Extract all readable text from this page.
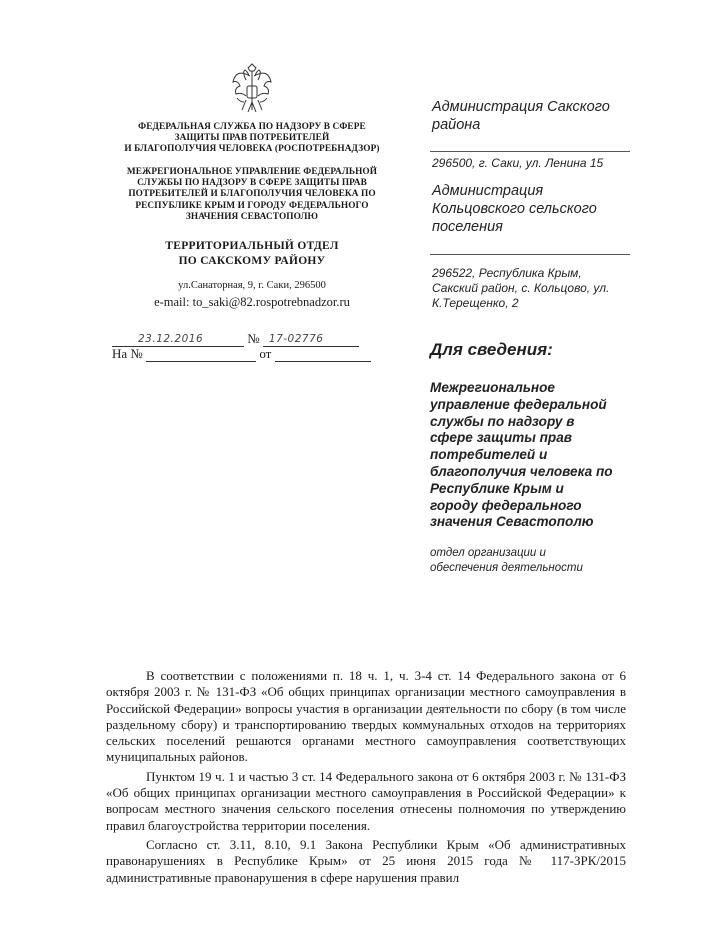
ФЕДЕРАЛЬНАЯ СЛУЖБА ПО НАДЗОРУ В СФЕРЕ
ЗАЩИТЫ ПРАВ ПОТРЕБИТЕЛЕЙ
И БЛАГОПОЛУЧИЯ ЧЕЛОВЕКА (РОСПОТРЕБНАДЗОР)
МЕЖРЕГИОНАЛЬНОЕ УПРАВЛЕНИЕ ФЕДЕРАЛЬНОЙ
СЛУЖБЫ ПО НАДЗОРУ В СФЕРЕ ЗАЩИТЫ ПРАВ
ПОТРЕБИТЕЛЕЙ И БЛАГОПОЛУЧИЯ ЧЕЛОВЕКА ПО
РЕСПУБЛИКЕ КРЫМ И ГОРОДУ ФЕДЕРАЛЬНОГО
ЗНАЧЕНИЯ СЕВАСТОПОЛЮ
ТЕРРИТОРИАЛЬНЫЙ ОТДЕЛ
ПО САКСКОМУ РАЙОНУ
ул.Санаторная, 9, г. Саки, 296500
e-mail: to_saki@82.rospotrebnadzor.ru
23.12.2016	№ 17-02776
На №	от
Администрация Сакского
района
296500, г. Саки, ул. Ленина 15
Администрация
Кольцовского сельского
поселения
296522, Республика Крым,
Сакский район, с. Кольцово, ул.
К.Терещенко, 2
Для сведения:
Межрегиональное
управление федеральной
службы по надзору в
сфере защиты прав
потребителей и
благополучия человека по
Республике Крым и
городу федерального
значения Севастополю
отдел организации и
обеспечения деятельности

В соответствии с положениями п. 18 ч. 1, ч. 3-4 ст. 14 Федерального закона от 6 октября 2003 г. № 131-ФЗ «Об общих принципах организации местного самоуправления в Российской Федерации» вопросы участия в организации деятельности по сбору (в том числе раздельному сбору) и транспортированию твердых коммунальных отходов на территориях сельских поселений решаются органами местного самоуправления соответствующих муниципальных районов.

Пунктом 19 ч. 1 и частью 3 ст. 14 Федерального закона от 6 октября 2003 г. № 131-ФЗ «Об общих принципах организации местного самоуправления в Российской Федерации» к вопросам местного значения сельского поселения отнесены полномочия по утверждению правил благоустройства территории поселения.

Согласно ст. 3.11, 8.10, 9.1 Закона Республики Крым «Об административных правонарушениях в Республике Крым» от 25 июня 2015 года № 117-ЗРК/2015 административные правонарушения в сфере нарушения правил
